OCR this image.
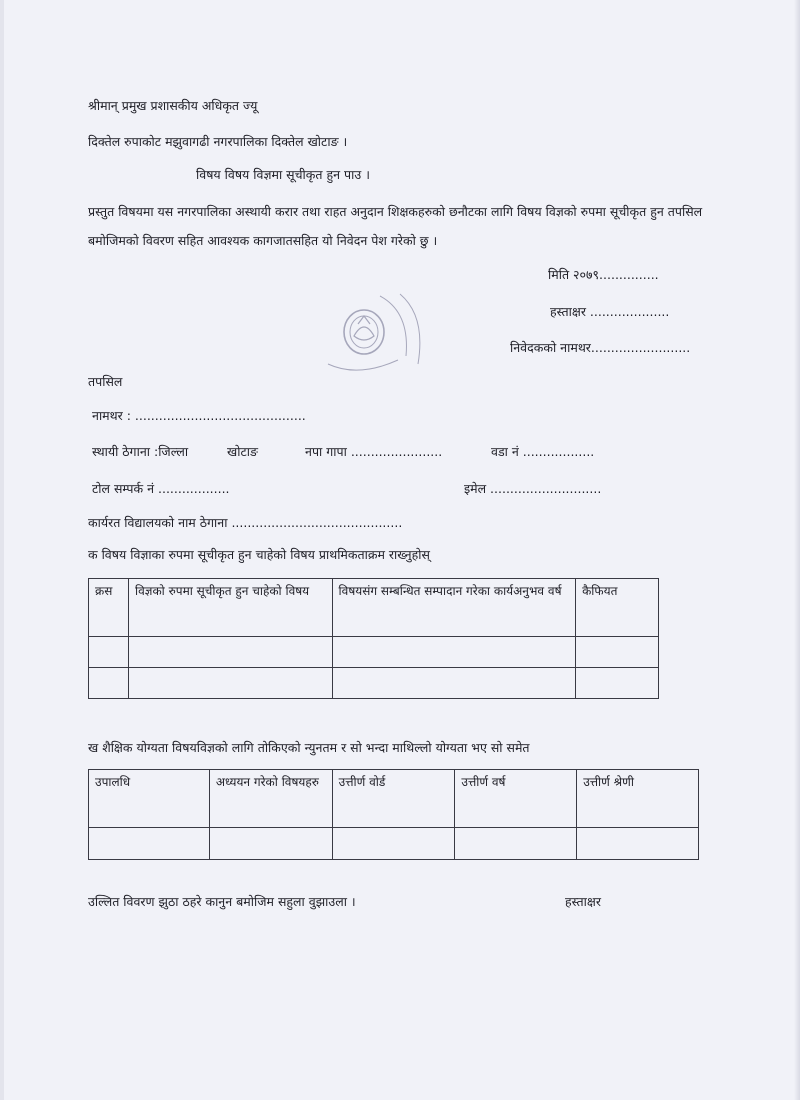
श्रीमान् प्रमुख प्रशासकीय अधिकृत ज्यू
दिक्तेल रुपाकोट मझुवागढी नगरपालिका दिक्तेल खोटाङ ।
विषय विषय विज्ञमा सूचीकृत हुन पाउ ।
प्रस्तुत विषयमा यस नगरपालिका अस्थायी करार तथा राहत अनुदान शिक्षकहरुको छनौटका लागि विषय विज्ञको रुपमा सूचीकृत हुन तपसिल बमोजिमको विवरण सहित आवश्यक कागजातसहित यो निवेदन पेश गरेको छु ।
मिति २०७९...............
हस्ताक्षर ....................
निवेदकको नामथर.........................
तपसिल
नामथर : ...........................................
स्थायी ठेगाना :जिल्ला	खोटाङ	नपा गापा .......................	वडा नं ..................
टोल सम्पर्क नं ..................	इमेल ............................
कार्यरत विद्यालयको नाम ठेगाना ...........................................
क विषय विज्ञाका रुपमा सूचीकृत हुन चाहेको विषय प्राथमिकताक्रम राख्नुहोस्
क्रस	विज्ञको रुपमा सूचीकृत हुन चाहेको विषय	विषयसंग सम्बन्धित सम्पादान गरेका कार्यअनुभव वर्ष	कैफियत

ख शैक्षिक योग्यता विषयविज्ञको लागि तोकिएको न्युनतम र सो भन्दा माथिल्लो योग्यता भए सो समेत
उपालधि	अध्ययन गरेको विषयहरु	उत्तीर्ण वोर्ड	उत्तीर्ण वर्ष	उत्तीर्ण श्रेणी

उल्लित विवरण झुठा ठहरे कानुन बमोजिम सहुला वुझाउला ।	हस्ताक्षर
